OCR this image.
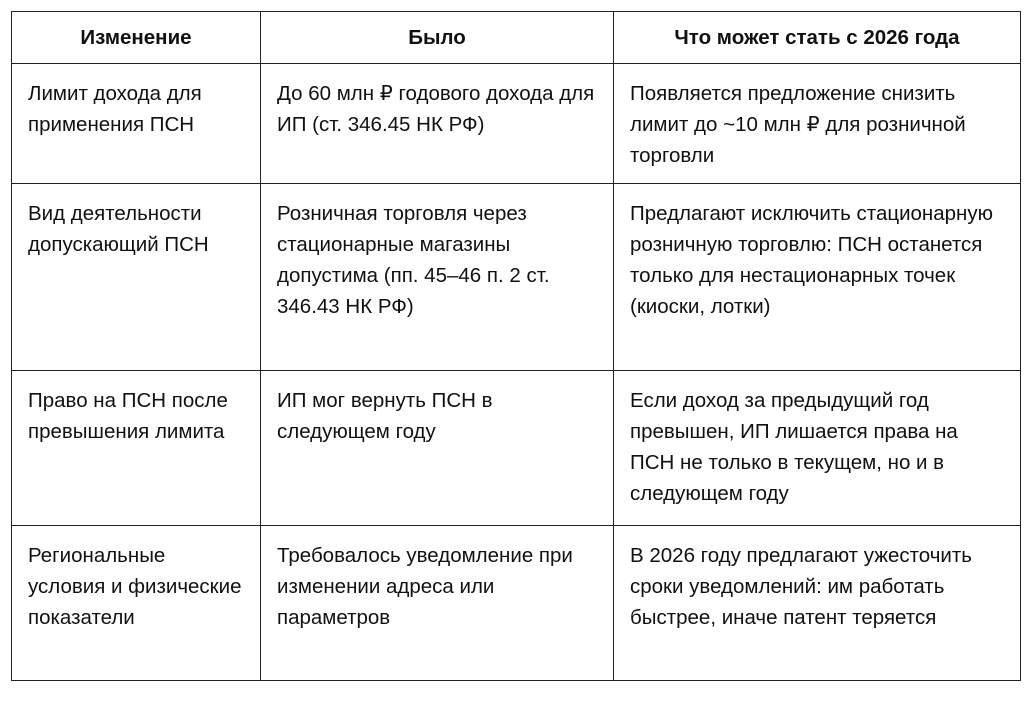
Изменение	Было	Что может стать с 2026 года
Лимит дохода для применения ПСН	До 60 млн ₽ годового дохода для ИП (ст. 346.45 НК РФ)	Появляется предложение снизить лимит до ~10 млн ₽ для розничной торговли
Вид деятельности допускающий ПСН	Розничная торговля через стационарные магазины допустима (пп. 45–46 п. 2 ст. 346.43 НК РФ)	Предлагают исключить стационарную розничную торговлю: ПСН останется только для нестационарных точек (киоски, лотки)
Право на ПСН после превышения лимита	ИП мог вернуть ПСН в следующем году	Если доход за предыдущий год превышен, ИП лишается права на ПСН не только в текущем, но и в следующем году
Региональные условия и физические показатели	Требовалось уведомление при изменении адреса или параметров	В 2026 году предлагают ужесточить сроки уведомлений: им работать быстрее, иначе патент теряется
